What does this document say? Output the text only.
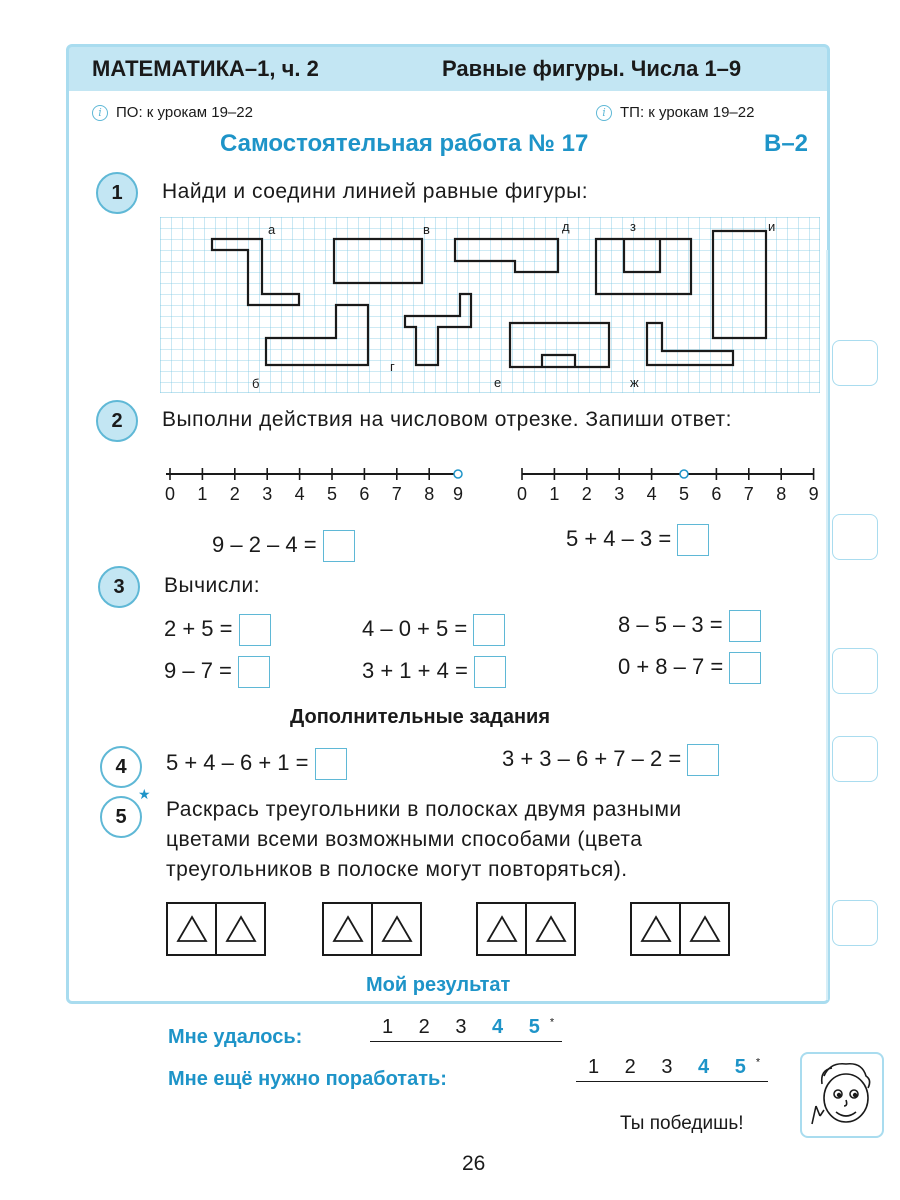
МАТЕМАТИКА–1, ч. 2	Равные фигуры. Числа 1–9
i ПО: к урокам 19–22	i ТП: к урокам 19–22
Самостоятельная работа № 17	В–2
1	Найди и соедини линией равные фигуры:
а
б
в
г
д
е
з
ж
и
2	Выполни действия на числовом отрезке. Запиши ответ:
0 1 2 3 4 5 6 7 8 9	0 1 2 3 4 5 6 7 8 9
9 – 2 – 4 =	5 + 4 – 3 =
3	Вычисли:
2 + 5 =	4 – 0 + 5 =	8 – 5 – 3 =
9 – 7 =	3 + 1 + 4 =	0 + 8 – 7 =
Дополнительные задания
4	5 + 4 – 6 + 1 =	3 + 3 – 6 + 7 – 2 =
5
★
Раскрась треугольники в полосках двумя разными
цветами всеми возможными способами (цвета
треугольников в полоске могут повторяться).
Мой результат
Мне удалось:	1 2 3 4 5*
Мне ещё нужно поработать:
1 2 3 4 5*
Ты победишь!
26
